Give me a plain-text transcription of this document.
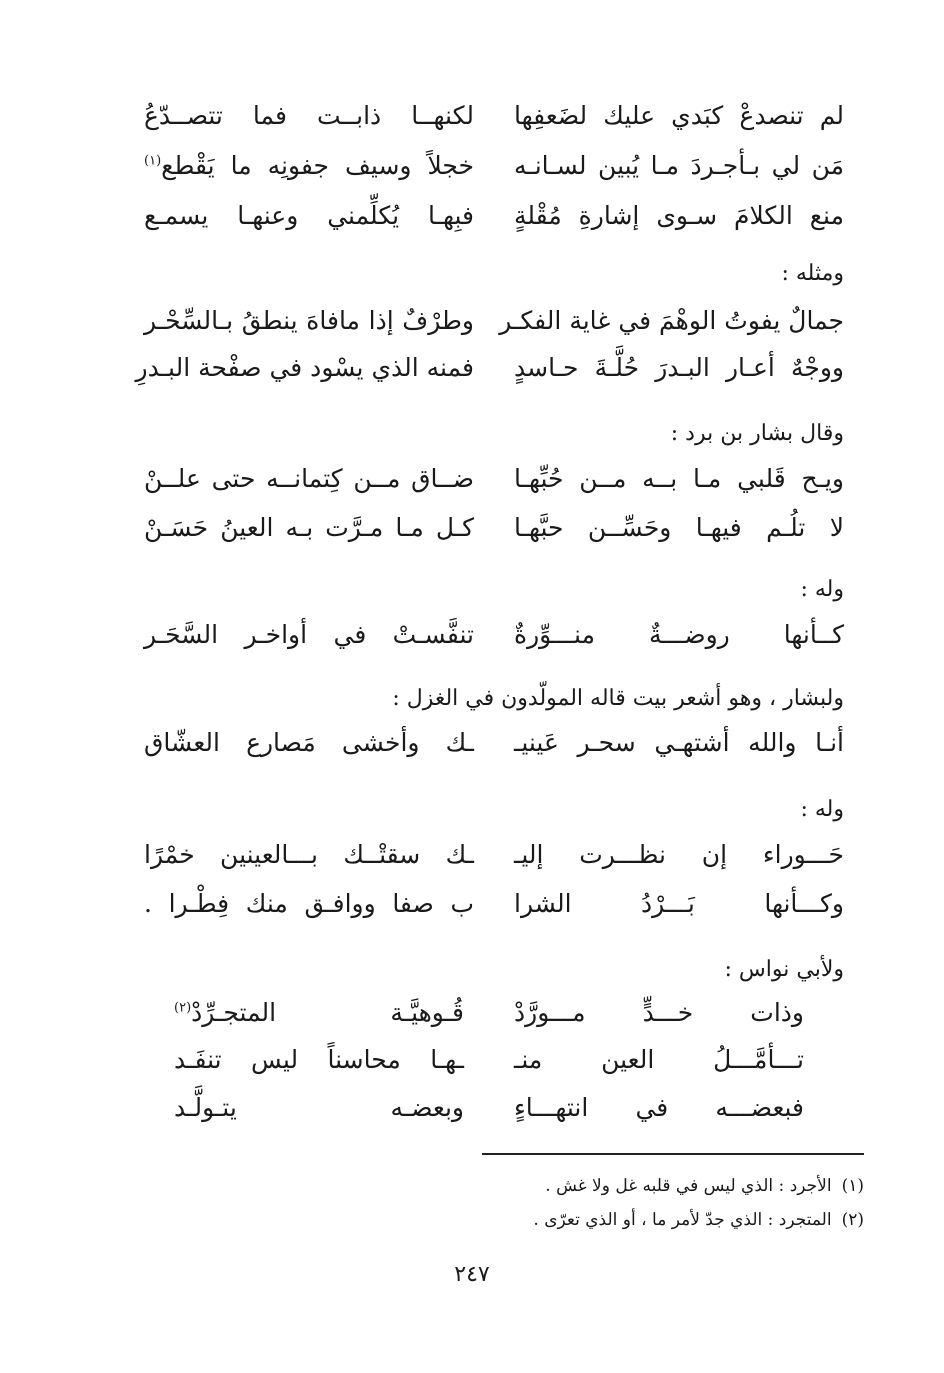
لم تنصدعْ كبَدي عليك لضَعفِها
لكنهــا ذابــت فما تتصــدّعُ
مَن لي بـأجـردَ مـا يُبين لسـانـه
خجلاً وسيف جفونِه ما يَقْطع$^{(١)}$
منع الكلامَ سـوى إشارةِ مُقْلةٍ
فبِهـا يُكلِّمني وعنهـا يسمـع
ومثله :
جمالٌ يفوتُ الوهْمَ في غاية الفكـر
وطرْفٌ إذا مافاهَ ينطقُ بـالسِّحْـر
ووجْهٌ أعـار البـدرَ حُلَّـةَ حـاسدٍ
فمنه الذي يسْود في صفْحة البـدرِ
وقال بشار بن برد :
ويـح قَلبي مـا بــه مــن حُبِّهـا
ضــاق مــن كِتمانــه حتى علــنْ
لا تلُـم فيهـا وحَسِّــن حبَّهـا
كـل مـا مـرَّت بـه العينُ حَسَـنْ
وله :
كــأنها روضـــةٌ منـــوِّرةٌ
تنفَّسـتْ في أواخـر السَّحَـر
ولبشار ، وهو أشعر بيت قاله المولّدون في الغزل :
أنـا والله أشتهـي سحـر عَينيـ
ـك وأخشى مَصارع العشّاق
وله :
حَـــوراء إن نظـــرت إليـ
ـك سقتْــك بـــالعينين خمْرًا
وكـــأنها بَـــرْدُ الشرا
ب صفا ووافـق منك فِطْـرا .
ولأبي نواس :
وذات خـــدٍّ مـــورَّدْ
قُـوهيَّـة المتجـرِّدْ$^{(٢)}$
تـــأمَّـــلُ العين منـ
ـهـا محاسناً ليس تنفَـد
فبعضـــه في انتهـــاءٍ
وبعضـه يتـولَّـد
(١)الأجرد : الذي ليس في قلبه غل ولا غش .
(٢)المتجرد : الذي جدّ لأمر ما ، أو الذي تعرّى .
٢٤٧
